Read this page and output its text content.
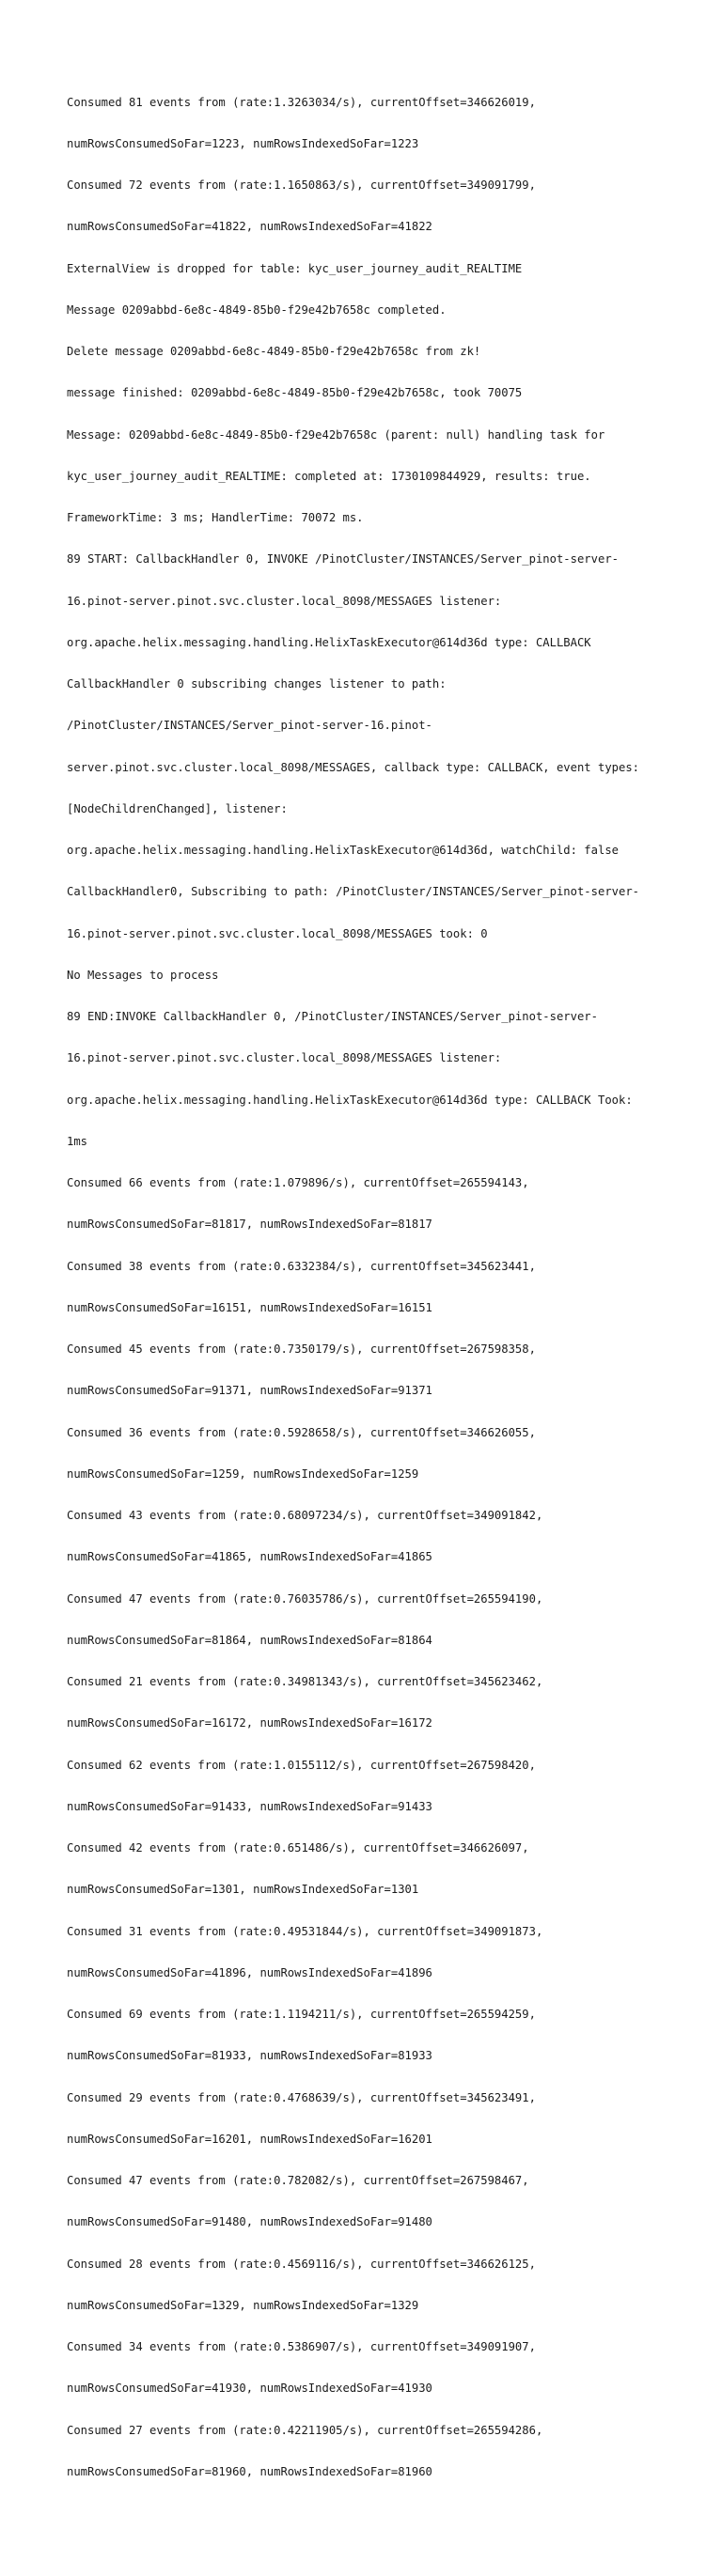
Consumed 81 events from (rate:1.3263034/s), currentOffset=346626019,

numRowsConsumedSoFar=1223, numRowsIndexedSoFar=1223

Consumed 72 events from (rate:1.1650863/s), currentOffset=349091799,

numRowsConsumedSoFar=41822, numRowsIndexedSoFar=41822

ExternalView is dropped for table: kyc_user_journey_audit_REALTIME

Message 0209abbd-6e8c-4849-85b0-f29e42b7658c completed.

Delete message 0209abbd-6e8c-4849-85b0-f29e42b7658c from zk!

message finished: 0209abbd-6e8c-4849-85b0-f29e42b7658c, took 70075

Message: 0209abbd-6e8c-4849-85b0-f29e42b7658c (parent: null) handling task for

kyc_user_journey_audit_REALTIME: completed at: 1730109844929, results: true.

FrameworkTime: 3 ms; HandlerTime: 70072 ms.

89 START: CallbackHandler 0, INVOKE /PinotCluster/INSTANCES/Server_pinot-server-

16.pinot-server.pinot.svc.cluster.local_8098/MESSAGES listener:

org.apache.helix.messaging.handling.HelixTaskExecutor@614d36d type: CALLBACK

CallbackHandler 0 subscribing changes listener to path:

/PinotCluster/INSTANCES/Server_pinot-server-16.pinot-

server.pinot.svc.cluster.local_8098/MESSAGES, callback type: CALLBACK, event types:

[NodeChildrenChanged], listener:

org.apache.helix.messaging.handling.HelixTaskExecutor@614d36d, watchChild: false

CallbackHandler0, Subscribing to path: /PinotCluster/INSTANCES/Server_pinot-server-

16.pinot-server.pinot.svc.cluster.local_8098/MESSAGES took: 0

No Messages to process

89 END:INVOKE CallbackHandler 0, /PinotCluster/INSTANCES/Server_pinot-server-

16.pinot-server.pinot.svc.cluster.local_8098/MESSAGES listener:

org.apache.helix.messaging.handling.HelixTaskExecutor@614d36d type: CALLBACK Took:

1ms

Consumed 66 events from (rate:1.079896/s), currentOffset=265594143,

numRowsConsumedSoFar=81817, numRowsIndexedSoFar=81817

Consumed 38 events from (rate:0.6332384/s), currentOffset=345623441,

numRowsConsumedSoFar=16151, numRowsIndexedSoFar=16151

Consumed 45 events from (rate:0.7350179/s), currentOffset=267598358,

numRowsConsumedSoFar=91371, numRowsIndexedSoFar=91371

Consumed 36 events from (rate:0.5928658/s), currentOffset=346626055,

numRowsConsumedSoFar=1259, numRowsIndexedSoFar=1259

Consumed 43 events from (rate:0.68097234/s), currentOffset=349091842,

numRowsConsumedSoFar=41865, numRowsIndexedSoFar=41865

Consumed 47 events from (rate:0.76035786/s), currentOffset=265594190,

numRowsConsumedSoFar=81864, numRowsIndexedSoFar=81864

Consumed 21 events from (rate:0.34981343/s), currentOffset=345623462,

numRowsConsumedSoFar=16172, numRowsIndexedSoFar=16172

Consumed 62 events from (rate:1.0155112/s), currentOffset=267598420,

numRowsConsumedSoFar=91433, numRowsIndexedSoFar=91433

Consumed 42 events from (rate:0.651486/s), currentOffset=346626097,

numRowsConsumedSoFar=1301, numRowsIndexedSoFar=1301

Consumed 31 events from (rate:0.49531844/s), currentOffset=349091873,

numRowsConsumedSoFar=41896, numRowsIndexedSoFar=41896

Consumed 69 events from (rate:1.1194211/s), currentOffset=265594259,

numRowsConsumedSoFar=81933, numRowsIndexedSoFar=81933

Consumed 29 events from (rate:0.4768639/s), currentOffset=345623491,

numRowsConsumedSoFar=16201, numRowsIndexedSoFar=16201

Consumed 47 events from (rate:0.782082/s), currentOffset=267598467,

numRowsConsumedSoFar=91480, numRowsIndexedSoFar=91480

Consumed 28 events from (rate:0.4569116/s), currentOffset=346626125,

numRowsConsumedSoFar=1329, numRowsIndexedSoFar=1329

Consumed 34 events from (rate:0.5386907/s), currentOffset=349091907,

numRowsConsumedSoFar=41930, numRowsIndexedSoFar=41930

Consumed 27 events from (rate:0.42211905/s), currentOffset=265594286,

numRowsConsumedSoFar=81960, numRowsIndexedSoFar=81960
